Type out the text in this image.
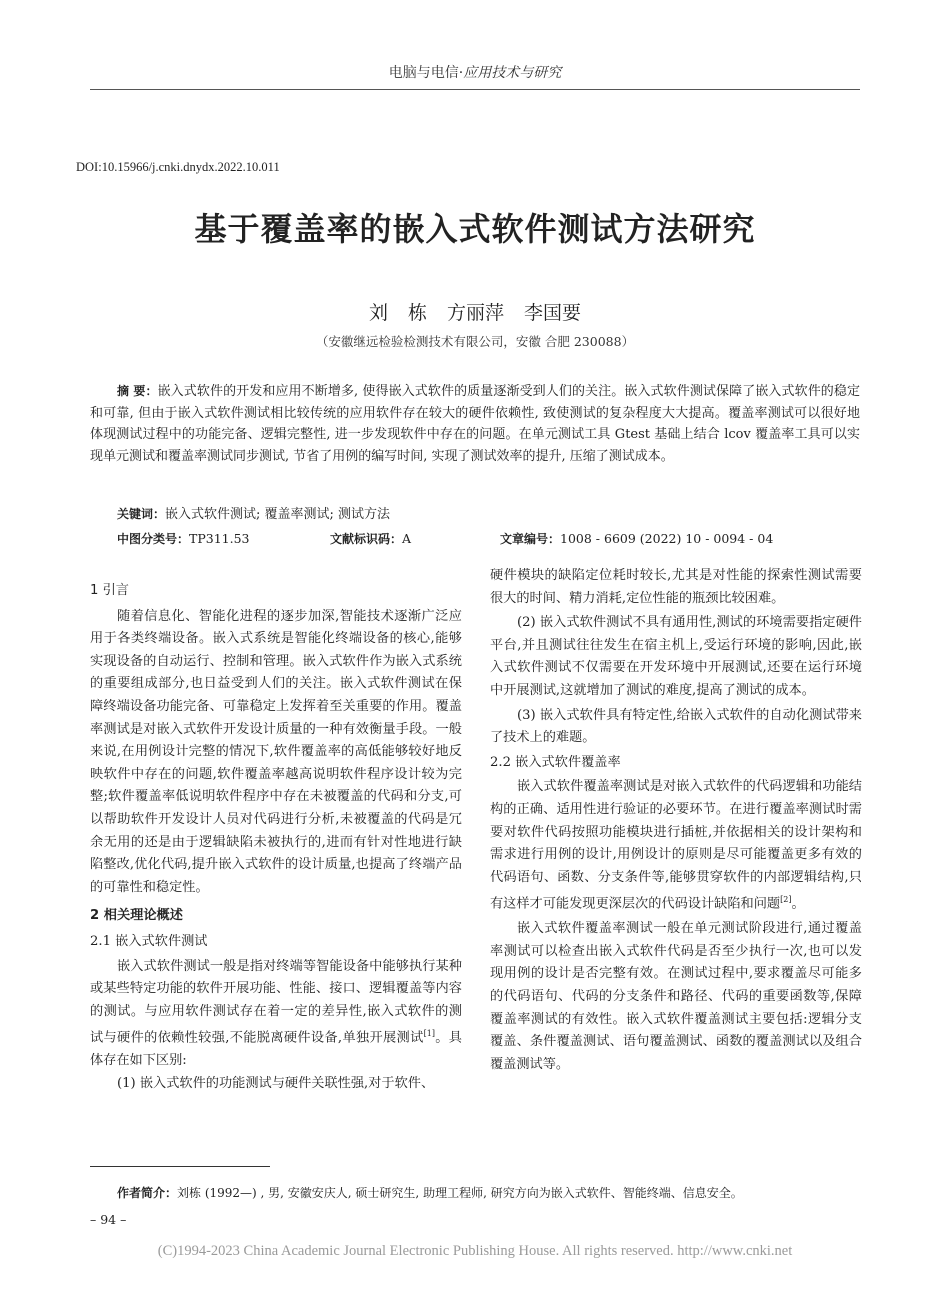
电脑与电信·应用技术与研究
DOI:10.15966/j.cnki.dnydx.2022.10.011
基于覆盖率的嵌入式软件测试方法研究
刘 栋 方丽萍 李国要
（安徽继远检验检测技术有限公司，安徽 合肥 230088）
摘 要：嵌入式软件的开发和应用不断增多, 使得嵌入式软件的质量逐渐受到人们的关注。嵌入式软件测试保障了嵌入式软件的稳定和可靠, 但由于嵌入式软件测试相比较传统的应用软件存在较大的硬件依赖性, 致使测试的复杂程度大大提高。覆盖率测试可以很好地体现测试过程中的功能完备、逻辑完整性, 进一步发现软件中存在的问题。在单元测试工具 Gtest 基础上结合 lcov 覆盖率工具可以实现单元测试和覆盖率测试同步测试, 节省了用例的编写时间, 实现了测试效率的提升, 压缩了测试成本。
关键词：嵌入式软件测试; 覆盖率测试; 测试方法
中图分类号：TP311.53	文献标识码：A	文章编号：1008 - 6609 (2022) 10 - 0094 - 04
1 引言

随着信息化、智能化进程的逐步加深,智能技术逐渐广泛应用于各类终端设备。嵌入式系统是智能化终端设备的核心,能够实现设备的自动运行、控制和管理。嵌入式软件作为嵌入式系统的重要组成部分,也日益受到人们的关注。嵌入式软件测试在保障终端设备功能完备、可靠稳定上发挥着至关重要的作用。覆盖率测试是对嵌入式软件开发设计质量的一种有效衡量手段。一般来说,在用例设计完整的情况下,软件覆盖率的高低能够较好地反映软件中存在的问题,软件覆盖率越高说明软件程序设计较为完整;软件覆盖率低说明软件程序中存在未被覆盖的代码和分支,可以帮助软件开发设计人员对代码进行分析,未被覆盖的代码是冗余无用的还是由于逻辑缺陷未被执行的,进而有针对性地进行缺陷整改,优化代码,提升嵌入式软件的设计质量,也提高了终端产品的可靠性和稳定性。

2 相关理论概述
2.1 嵌入式软件测试

嵌入式软件测试一般是指对终端等智能设备中能够执行某种或某些特定功能的软件开展功能、性能、接口、逻辑覆盖等内容的测试。与应用软件测试存在着一定的差异性,嵌入式软件的测试与硬件的依赖性较强,不能脱离硬件设备,单独开展测试[1]。具体存在如下区别:

(1) 嵌入式软件的功能测试与硬件关联性强,对于软件、

硬件模块的缺陷定位耗时较长,尤其是对性能的探索性测试需要很大的时间、精力消耗,定位性能的瓶颈比较困难。

(2) 嵌入式软件测试不具有通用性,测试的环境需要指定硬件平台,并且测试往往发生在宿主机上,受运行环境的影响,因此,嵌入式软件测试不仅需要在开发环境中开展测试,还要在运行环境中开展测试,这就增加了测试的难度,提高了测试的成本。

(3) 嵌入式软件具有特定性,给嵌入式软件的自动化测试带来了技术上的难题。

2.2 嵌入式软件覆盖率

嵌入式软件覆盖率测试是对嵌入式软件的代码逻辑和功能结构的正确、适用性进行验证的必要环节。在进行覆盖率测试时需要对软件代码按照功能模块进行插桩,并依据相关的设计架构和需求进行用例的设计,用例设计的原则是尽可能覆盖更多有效的代码语句、函数、分支条件等,能够贯穿软件的内部逻辑结构,只有这样才可能发现更深层次的代码设计缺陷和问题[2]。

嵌入式软件覆盖率测试一般在单元测试阶段进行,通过覆盖率测试可以检查出嵌入式软件代码是否至少执行一次,也可以发现用例的设计是否完整有效。在测试过程中,要求覆盖尽可能多的代码语句、代码的分支条件和路径、代码的重要函数等,保障覆盖率测试的有效性。嵌入式软件覆盖测试主要包括:逻辑分支覆盖、条件覆盖测试、语句覆盖测试、函数的覆盖测试以及组合覆盖测试等。

作者简介：刘栋 (1992—) , 男, 安徽安庆人, 硕士研究生, 助理工程师, 研究方向为嵌入式软件、智能终端、信息安全。
– 94 –
(C)1994-2023 China Academic Journal Electronic Publishing House. All rights reserved. http://www.cnki.net
